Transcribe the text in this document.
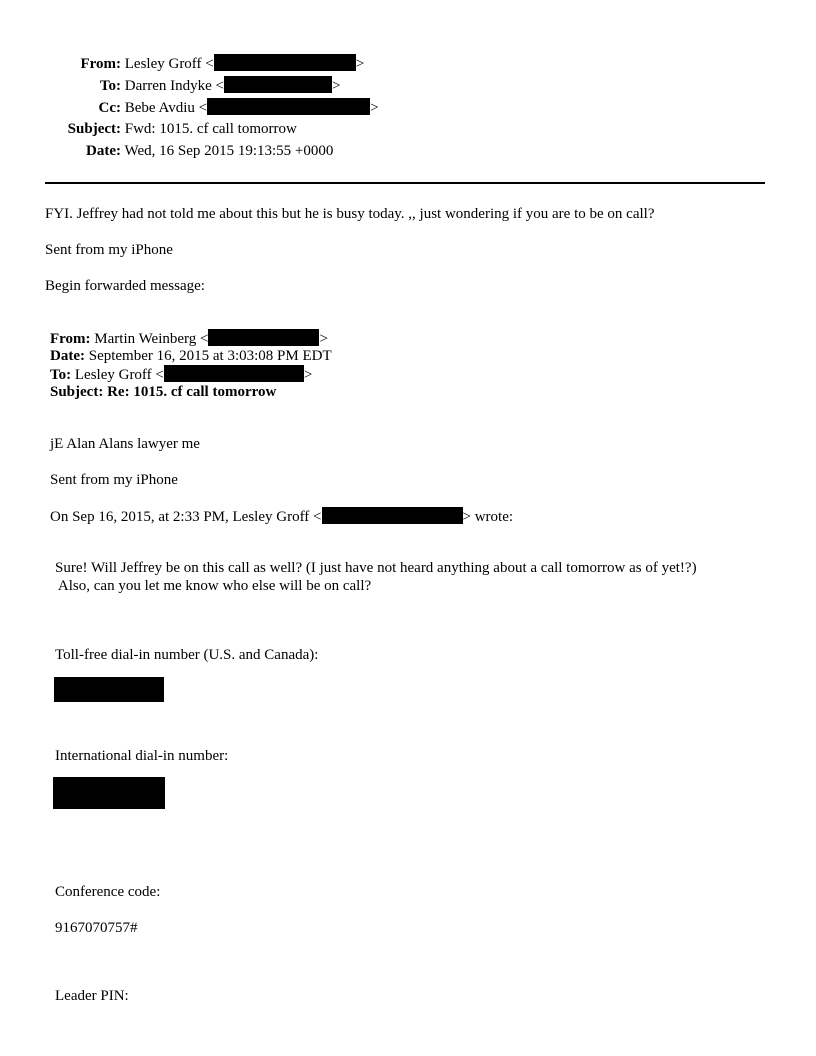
From: Lesley Groff <	>
To: Darren Indyke <	>
Cc: Bebe Avdiu <	>
Subject: Fwd: 1015. cf call tomorrow
Date: Wed, 16 Sep 2015 19:13:55 +0000
FYI. Jeffrey had not told me about this but he is busy today. ,, just wondering if you are to be on call?
Sent from my iPhone
Begin forwarded message:
From: Martin Weinberg <	>
Date: September 16, 2015 at 3:03:08 PM EDT
To: Lesley Groff <	>
Subject: Re: 1015. cf call tomorrow
jE Alan Alans lawyer me
Sent from my iPhone
On Sep 16, 2015, at 2:33 PM, Lesley Groff <	> wrote:
Sure! Will Jeffrey be on this call as well? (I just have not heard anything about a call tomorrow as of yet!?)
Also, can you let me know who else will be on call?
Toll-free dial-in number (U.S. and Canada):
International dial-in number:
Conference code:
9167070757#
Leader PIN:
